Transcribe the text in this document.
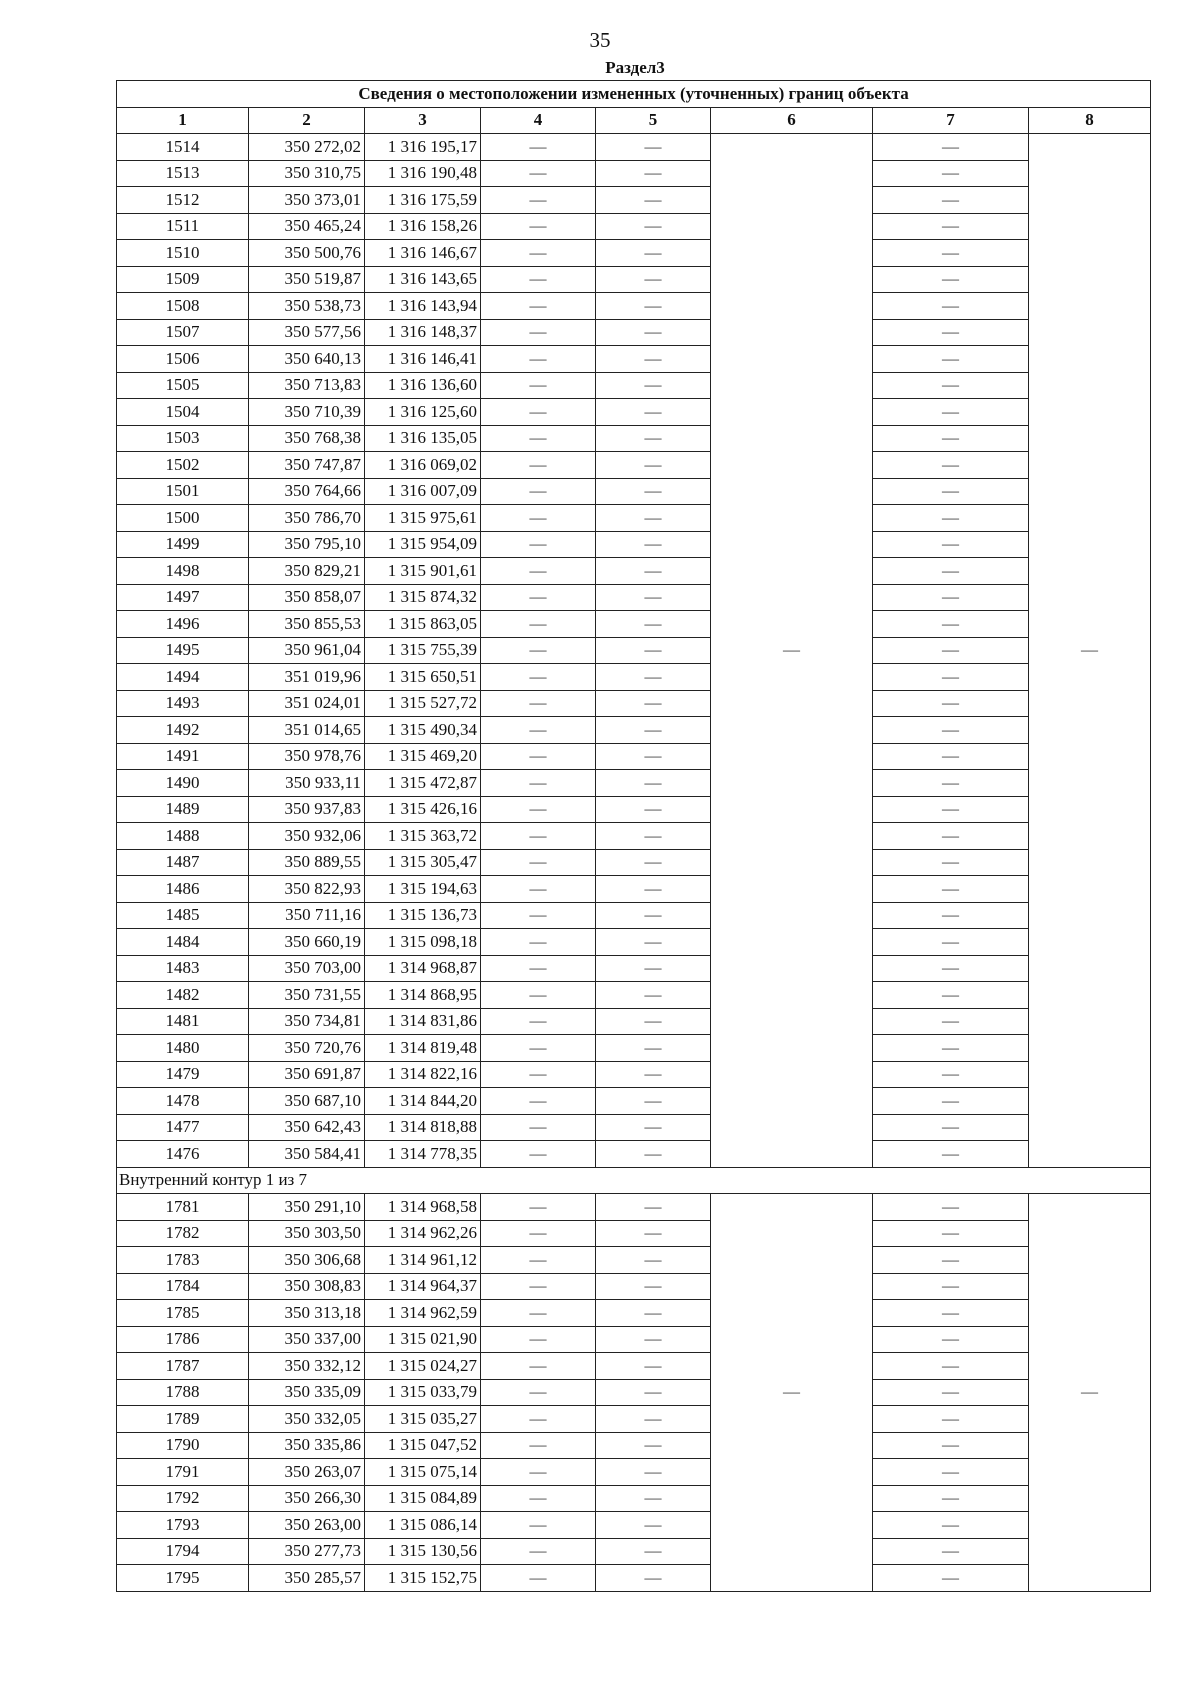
35
Раздел3
Сведения о местоположении измененных (уточненных) границ объекта							
1	2	3	4	5	6	7	8
1514	350 272,02	1 316 195,17	—	—	—	—	—
1513	350 310,75	1 316 190,48	—	—		—	
1512	350 373,01	1 316 175,59	—	—		—	
1511	350 465,24	1 316 158,26	—	—		—	
1510	350 500,76	1 316 146,67	—	—		—	
1509	350 519,87	1 316 143,65	—	—		—	
1508	350 538,73	1 316 143,94	—	—		—	
1507	350 577,56	1 316 148,37	—	—		—	
1506	350 640,13	1 316 146,41	—	—		—	
1505	350 713,83	1 316 136,60	—	—		—	
1504	350 710,39	1 316 125,60	—	—		—	
1503	350 768,38	1 316 135,05	—	—		—	
1502	350 747,87	1 316 069,02	—	—		—	
1501	350 764,66	1 316 007,09	—	—		—	
1500	350 786,70	1 315 975,61	—	—		—	
1499	350 795,10	1 315 954,09	—	—		—	
1498	350 829,21	1 315 901,61	—	—		—	
1497	350 858,07	1 315 874,32	—	—		—	
1496	350 855,53	1 315 863,05	—	—		—	
1495	350 961,04	1 315 755,39	—	—		—	
1494	351 019,96	1 315 650,51	—	—		—	
1493	351 024,01	1 315 527,72	—	—		—	
1492	351 014,65	1 315 490,34	—	—		—	
1491	350 978,76	1 315 469,20	—	—		—	
1490	350 933,11	1 315 472,87	—	—		—	
1489	350 937,83	1 315 426,16	—	—		—	
1488	350 932,06	1 315 363,72	—	—		—	
1487	350 889,55	1 315 305,47	—	—		—	
1486	350 822,93	1 315 194,63	—	—		—	
1485	350 711,16	1 315 136,73	—	—		—	
1484	350 660,19	1 315 098,18	—	—		—	
1483	350 703,00	1 314 968,87	—	—		—	
1482	350 731,55	1 314 868,95	—	—		—	
1481	350 734,81	1 314 831,86	—	—		—	
1480	350 720,76	1 314 819,48	—	—		—	
1479	350 691,87	1 314 822,16	—	—		—	
1478	350 687,10	1 314 844,20	—	—		—	
1477	350 642,43	1 314 818,88	—	—		—	
1476	350 584,41	1 314 778,35	—	—		—	
Внутренний контур 1 из 7							
1781	350 291,10	1 314 968,58	—	—	—	—	—
1782	350 303,50	1 314 962,26	—	—		—	
1783	350 306,68	1 314 961,12	—	—		—	
1784	350 308,83	1 314 964,37	—	—		—	
1785	350 313,18	1 314 962,59	—	—		—	
1786	350 337,00	1 315 021,90	—	—		—	
1787	350 332,12	1 315 024,27	—	—		—	
1788	350 335,09	1 315 033,79	—	—		—	
1789	350 332,05	1 315 035,27	—	—		—	
1790	350 335,86	1 315 047,52	—	—		—	
1791	350 263,07	1 315 075,14	—	—		—	
1792	350 266,30	1 315 084,89	—	—		—	
1793	350 263,00	1 315 086,14	—	—		—	
1794	350 277,73	1 315 130,56	—	—		—	
1795	350 285,57	1 315 152,75	—	—		—	
